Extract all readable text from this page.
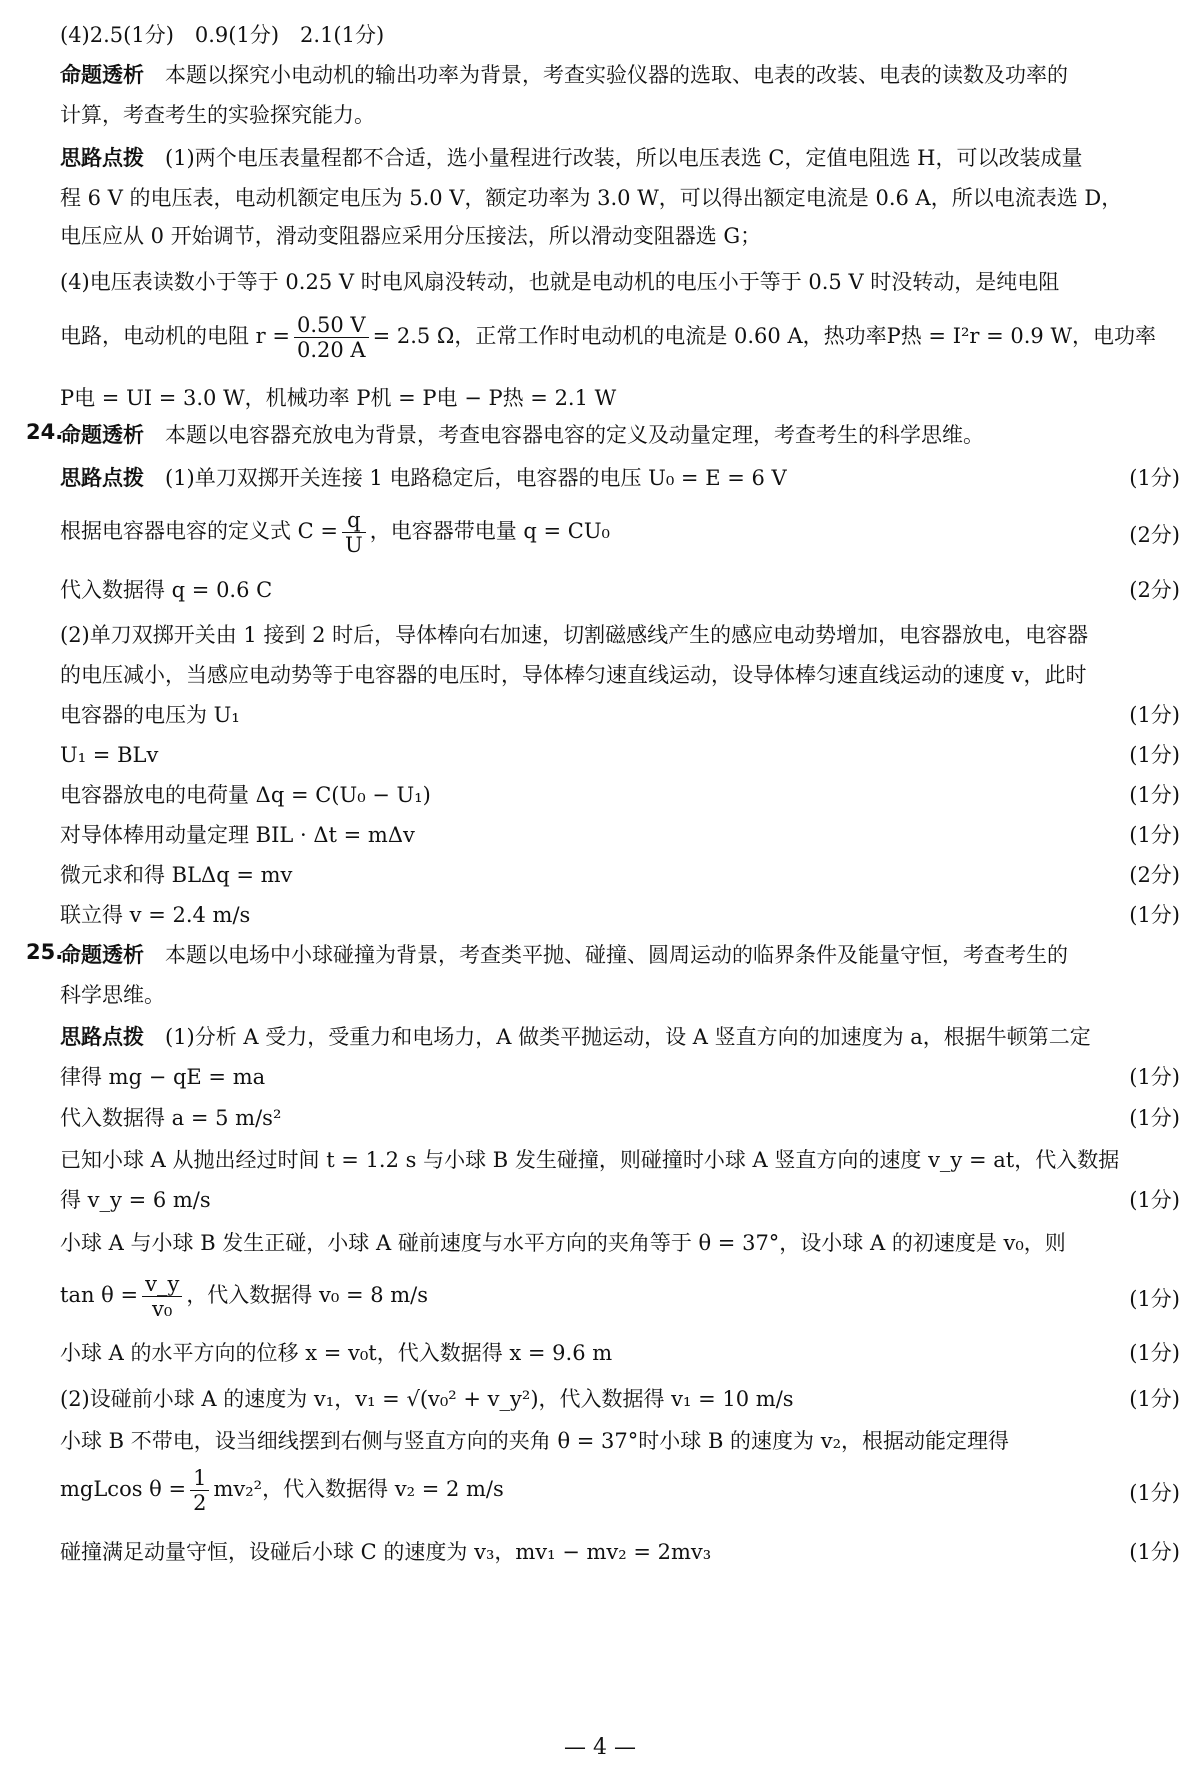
(4)2.5(1分)　0.9(1分)　2.1(1分)
命题透析　 本题以探究小电动机的输出功率为背景，考查实验仪器的选取、电表的改装、电表的读数及功率的
计算，考查考生的实验探究能力。
思路点拨　 (1)两个电压表量程都不合适，选小量程进行改装，所以电压表选 C，定值电阻选 H，可以改装成量
程 6 V 的电压表，电动机额定电压为 5.0 V，额定功率为 3.0 W，可以得出额定电流是 0.6 A，所以电流表选 D，
电压应从 0 开始调节，滑动变阻器应采用分压接法，所以滑动变阻器选 G；
(4)电压表读数小于等于 0.25 V 时电风扇没转动，也就是电动机的电压小于等于 0.5 V 时没转动，是纯电阻
电路，电动机的电阻 $r = \frac{0.50 V}{0.20 A} = 2.5$ Ω，正常工作时电动机的电流是 0.60 A，热功率P热 = I²r = 0.9 W，电功率
P电 = UI = 3.0 W，机械功率 P机 = P电 − P热 = 2.1 W
24.
命题透析　 本题以电容器充放电为背景，考查电容器电容的定义及动量定理，考查考生的科学思维。
思路点拨　 (1)单刀双掷开关连接 1 电路稳定后，电容器的电压 U₀ = E = 6 V	(1分)
根据电容器电容的定义式 $C = \frac{q}{U}$ ，电容器带电量 q = CU₀	(2分)
代入数据得 q = 0.6 C	(2分)
(2)单刀双掷开关由 1 接到 2 时后，导体棒向右加速，切割磁感线产生的感应电动势增加，电容器放电，电容器
的电压减小，当感应电动势等于电容器的电压时，导体棒匀速直线运动，设导体棒匀速直线运动的速度 v，此时
电容器的电压为 U₁	(1分)
U₁ = BLv	(1分)
电容器放电的电荷量 Δq = C(U₀ − U₁)	(1分)
对导体棒用动量定理 BIL · Δt = mΔv	(1分)
微元求和得 BLΔq = mv	(2分)
联立得 v = 2.4 m/s	(1分)
25.
命题透析　 本题以电场中小球碰撞为背景，考查类平抛、碰撞、圆周运动的临界条件及能量守恒，考查考生的
科学思维。
思路点拨　 (1)分析 A 受力，受重力和电场力，A 做类平抛运动，设 A 竖直方向的加速度为 a，根据牛顿第二定
律得 mg − qE = ma	(1分)
代入数据得 a = 5 m/s²	(1分)
已知小球 A 从抛出经过时间 t = 1.2 s 与小球 B 发生碰撞，则碰撞时小球 A 竖直方向的速度 v_y = at，代入数据
得 v_y = 6 m/s	(1分)
小球 A 与小球 B 发生正碰，小球 A 碰前速度与水平方向的夹角等于 θ = 37°，设小球 A 的初速度是 v₀，则
$\tan \theta = \frac{v\_y}{\text{v₀}}$ ，代入数据得 v₀ = 8 m/s	(1分)
小球 A 的水平方向的位移 x = v₀t，代入数据得 x = 9.6 m	(1分)
(2)设碰前小球 A 的速度为 v₁，v₁ = √(v₀² + v_y²)，代入数据得 v₁ = 10 m/s	(1分)
小球 B 不带电，设当细线摆到右侧与竖直方向的夹角 θ = 37°时小球 B 的速度为 v₂，根据动能定理得
mgLcos $\theta = \frac{1}{2} mv_2^2$，代入数据得 v₂ = 2 m/s	(1分)
碰撞满足动量守恒，设碰后小球 C 的速度为 v₃，mv₁ − mv₂ = 2mv₃	(1分)
— 4 —
